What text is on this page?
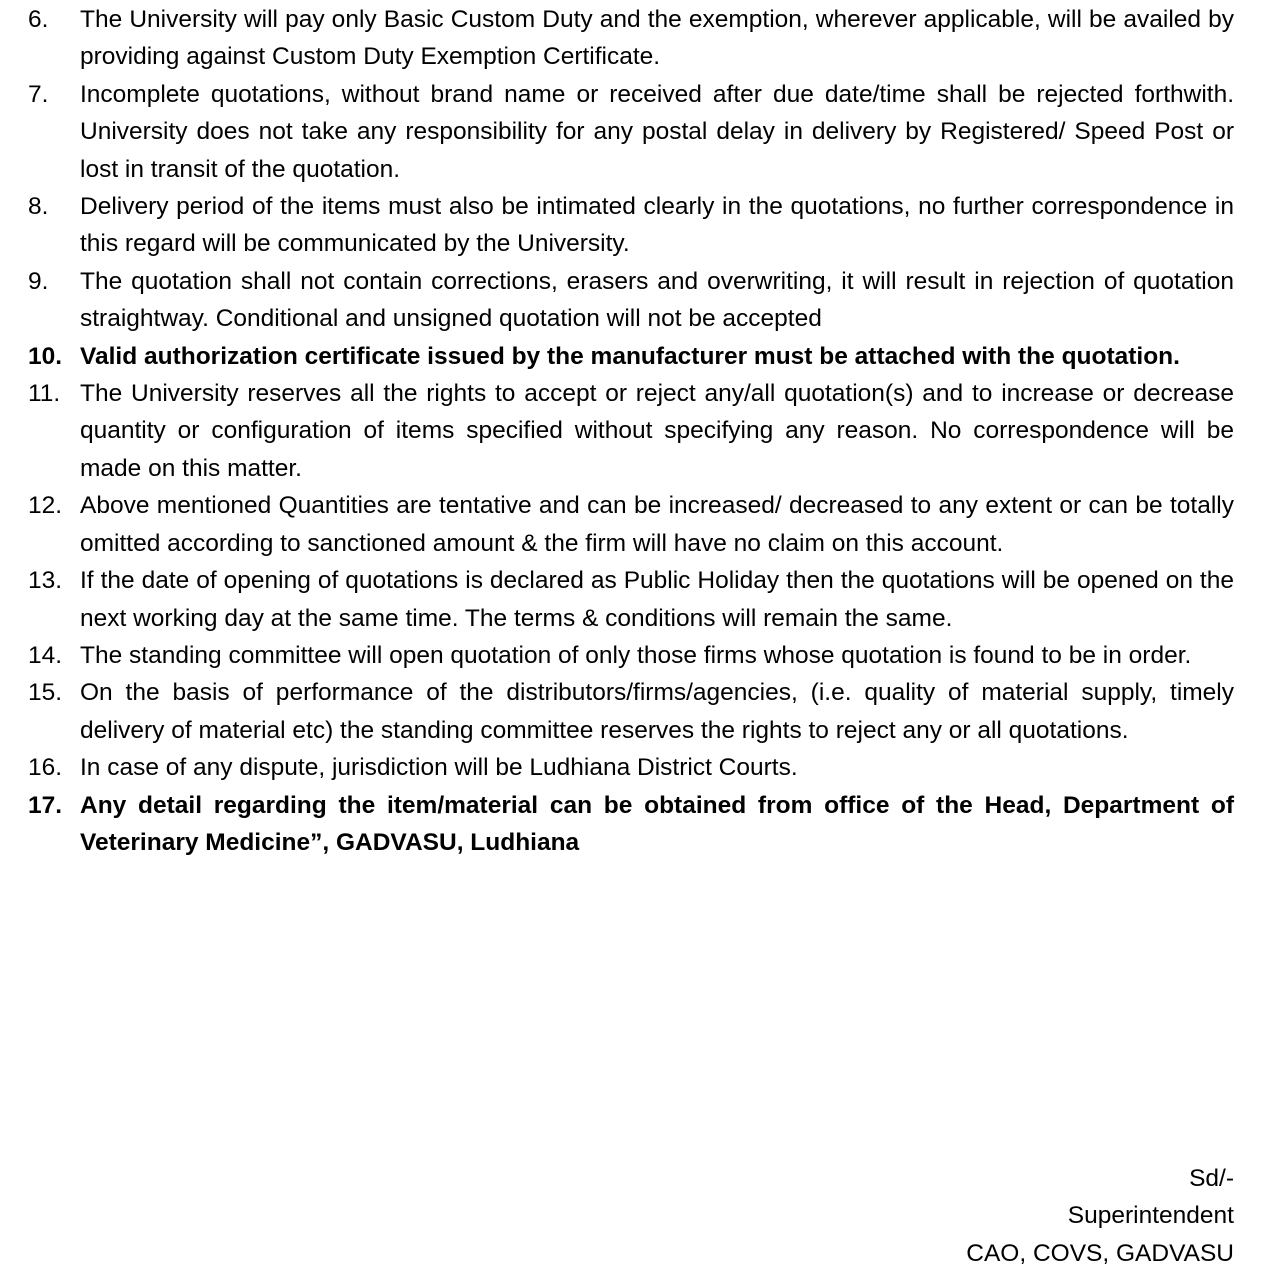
6.	The University will pay only Basic Custom Duty and the exemption, wherever applicable, will be availed by providing against Custom Duty Exemption Certificate.
7.	Incomplete quotations, without brand name or received after due date/time shall be rejected forthwith. University does not take any responsibility for any postal delay in delivery by Registered/ Speed Post or lost in transit of the quotation.
8.	Delivery period of the items must also be intimated clearly in the quotations, no further correspondence in this regard will be communicated by the University.
9.	The quotation shall not contain corrections, erasers and overwriting, it will result in rejection of quotation straightway. Conditional and unsigned quotation will not be accepted
10. Valid authorization certificate issued by the manufacturer must be attached with the quotation.
11. The University reserves all the rights to accept or reject any/all quotation(s) and to increase or decrease quantity or configuration of items specified without specifying any reason. No correspondence will be made on this matter.
12. Above mentioned Quantities are tentative and can be increased/ decreased to any extent or can be totally omitted according to sanctioned amount & the firm will have no claim on this account.
13. If the date of opening of quotations is declared as Public Holiday then the quotations will be opened on the next working day at the same time. The terms & conditions will remain the same.
14. The standing committee will open quotation of only those firms whose quotation is found to be in order.
15. On the basis of performance of the distributors/firms/agencies, (i.e. quality of material supply, timely delivery of material etc) the standing committee reserves the rights to reject any or all quotations.
16. In case of any dispute, jurisdiction will be Ludhiana District Courts.
17. Any detail regarding the item/material can be obtained from office of the Head, Department of Veterinary Medicine”, GADVASU, Ludhiana
Sd/-
Superintendent
CAO, COVS, GADVASU
